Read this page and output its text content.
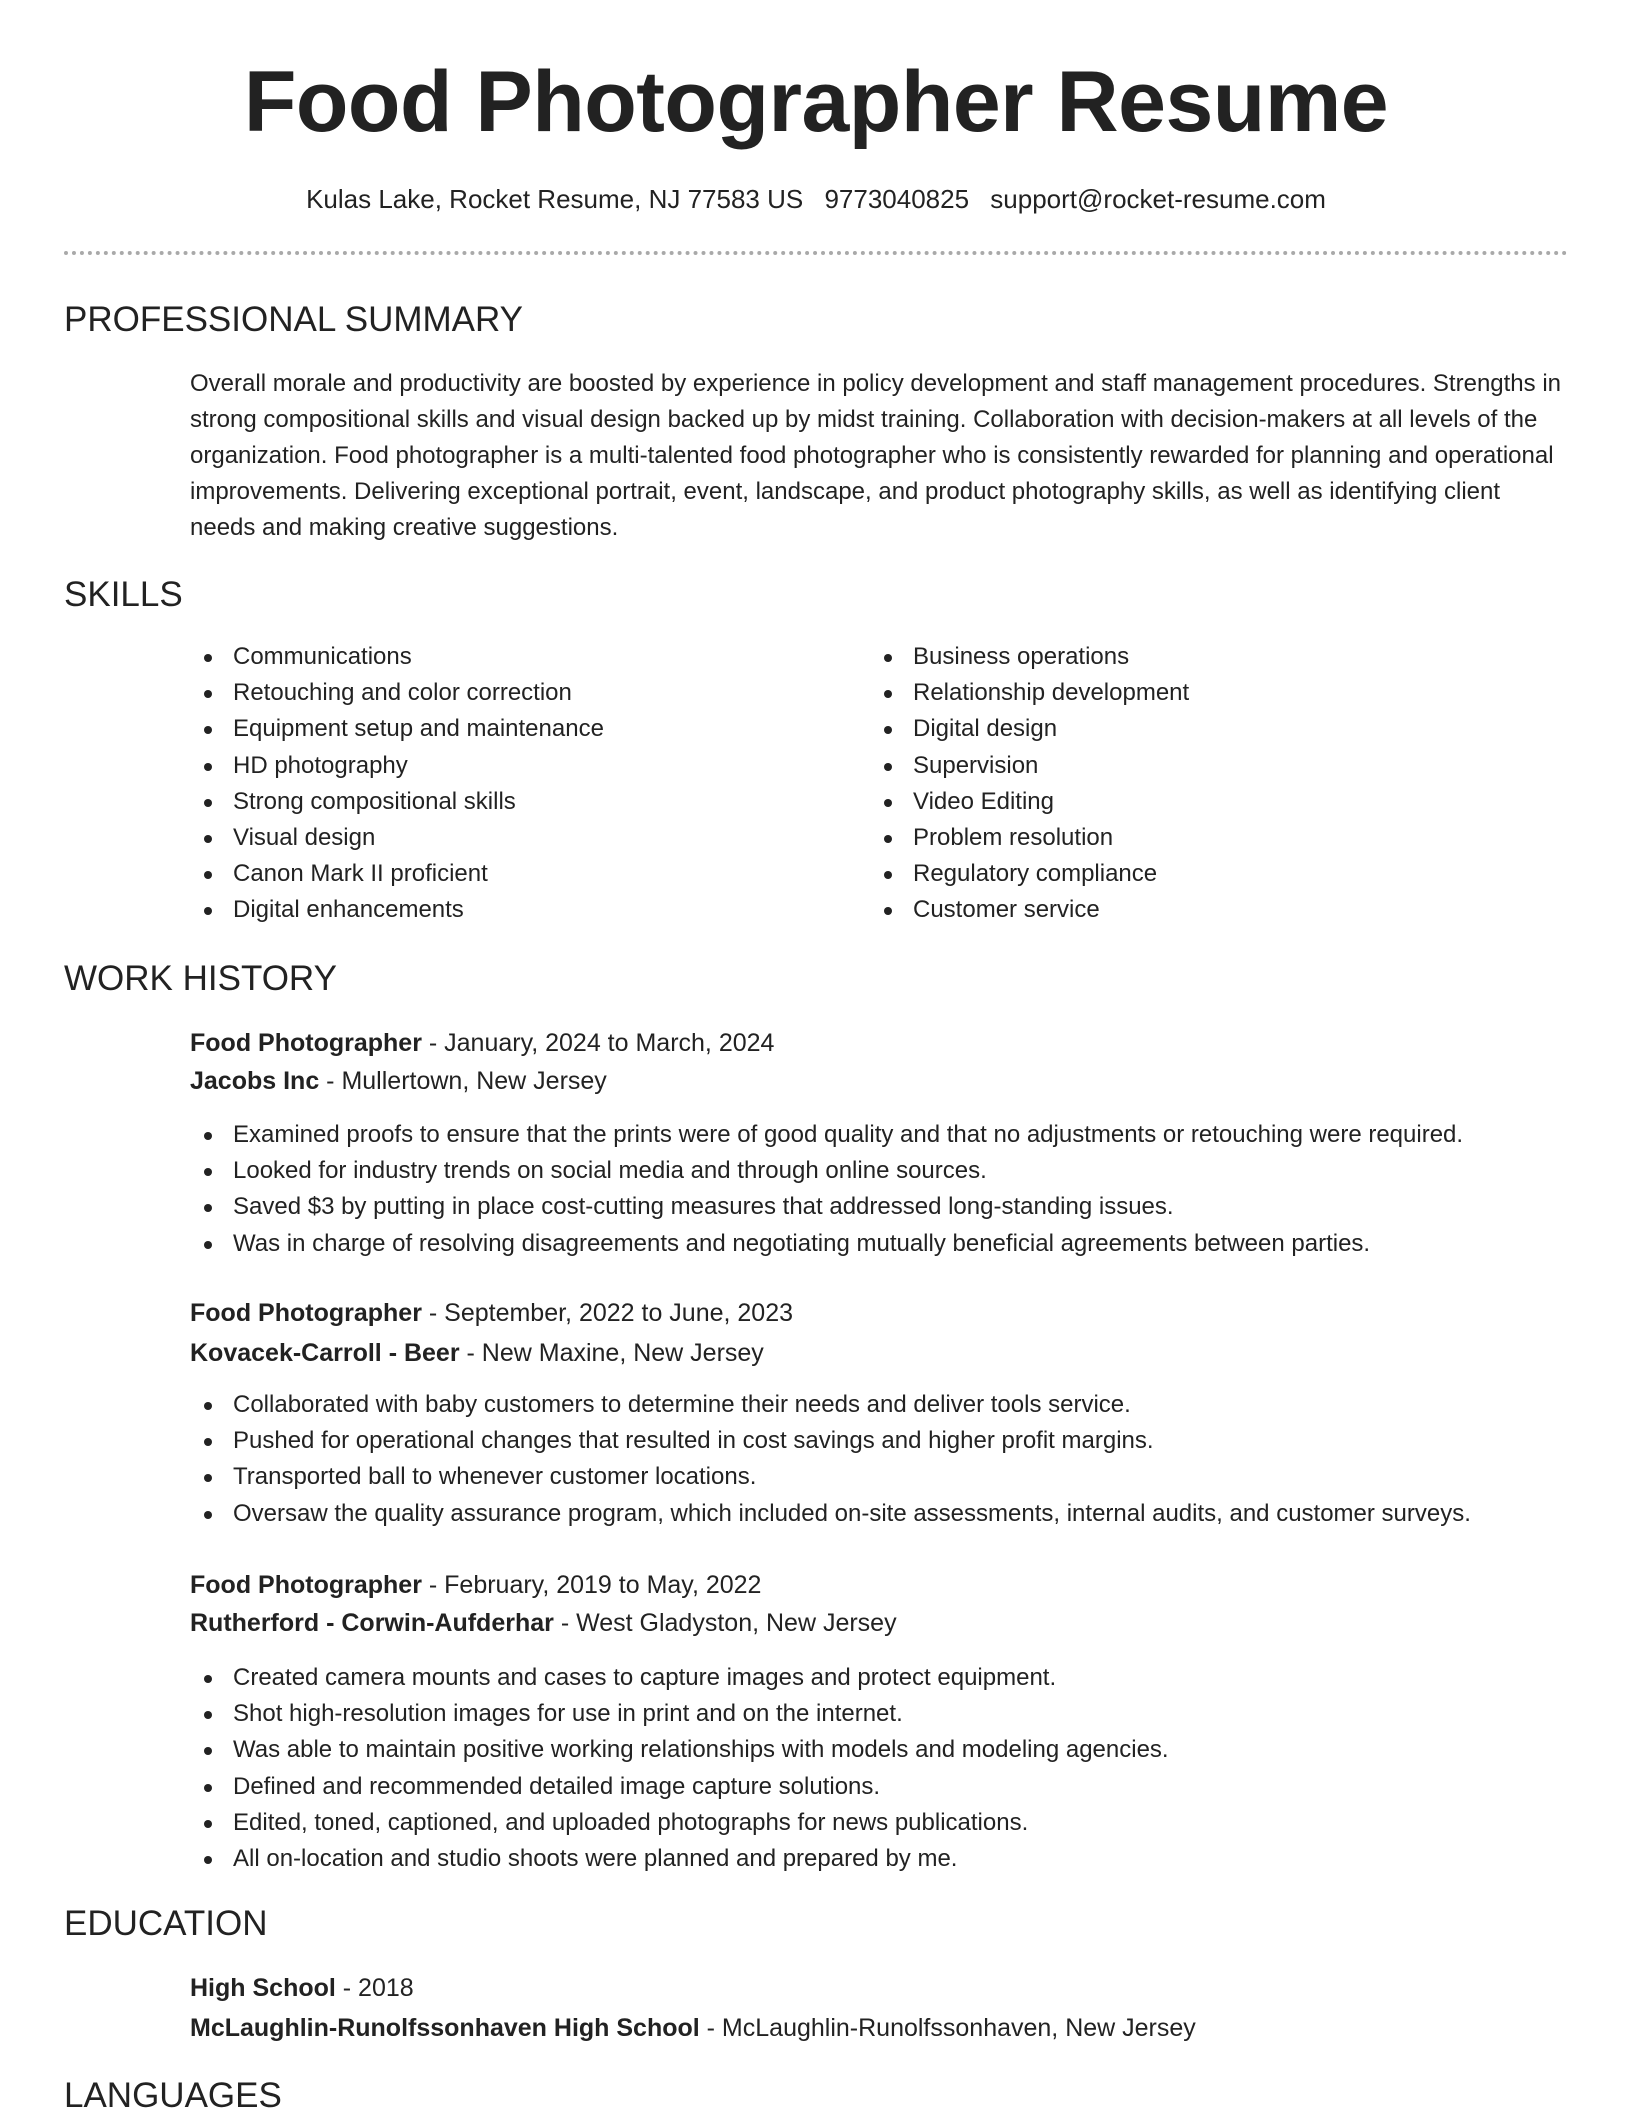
Food Photographer Resume
Kulas Lake, Rocket Resume, NJ 77583 US 9773040825 support@rocket-resume.com
PROFESSIONAL SUMMARY
Overall morale and productivity are boosted by experience in policy development and staff management procedures. Strengths in strong compositional skills and visual design backed up by midst training. Collaboration with decision-makers at all levels of the organization. Food photographer is a multi-talented food photographer who is consistently rewarded for planning and operational improvements. Delivering exceptional portrait, event, landscape, and product photography skills, as well as identifying client needs and making creative suggestions.
SKILLS
Communications
Retouching and color correction
Equipment setup and maintenance
HD photography
Strong compositional skills
Visual design
Canon Mark II proficient
Digital enhancements
Business operations
Relationship development
Digital design
Supervision
Video Editing
Problem resolution
Regulatory compliance
Customer service
WORK HISTORY
Food Photographer - January, 2024 to March, 2024
Jacobs Inc - Mullertown, New Jersey
Examined proofs to ensure that the prints were of good quality and that no adjustments or retouching were required.
Looked for industry trends on social media and through online sources.
Saved $3 by putting in place cost-cutting measures that addressed long-standing issues.
Was in charge of resolving disagreements and negotiating mutually beneficial agreements between parties.
Food Photographer - September, 2022 to June, 2023
Kovacek-Carroll - Beer - New Maxine, New Jersey
Collaborated with baby customers to determine their needs and deliver tools service.
Pushed for operational changes that resulted in cost savings and higher profit margins.
Transported ball to whenever customer locations.
Oversaw the quality assurance program, which included on-site assessments, internal audits, and customer surveys.
Food Photographer - February, 2019 to May, 2022
Rutherford - Corwin-Aufderhar - West Gladyston, New Jersey
Created camera mounts and cases to capture images and protect equipment.
Shot high-resolution images for use in print and on the internet.
Was able to maintain positive working relationships with models and modeling agencies.
Defined and recommended detailed image capture solutions.
Edited, toned, captioned, and uploaded photographs for news publications.
All on-location and studio shoots were planned and prepared by me.
EDUCATION
High School - 2018
McLaughlin-Runolfssonhaven High School - McLaughlin-Runolfssonhaven, New Jersey
LANGUAGES
